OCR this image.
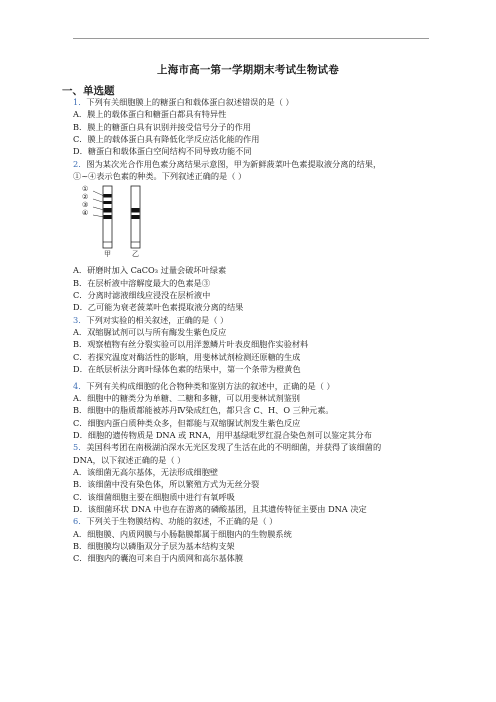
上海市高一第一学期期末考试生物试卷
一、单选题
1．下列有关细胞膜上的糖蛋白和载体蛋白叙述错误的是（ ）
A．膜上的载体蛋白和糖蛋白都具有特异性
B．膜上的糖蛋白具有识别并接受信号分子的作用
C．膜上的载体蛋白具有降低化学反应活化能的作用
D．糖蛋白和载体蛋白空间结构不同导致功能不同
2．图为某次光合作用色素分离结果示意图，甲为新鲜菠菜叶色素提取液分离的结果，
①~④表示色素的种类。下列叙述正确的是（ ）
①
②
③
④
甲	乙
A．研磨时加入 CaCO₃ 过量会破坏叶绿素
B．在层析液中溶解度最大的色素是③
C．分离时滤液细线应浸没在层析液中
D．乙可能为衰老菠菜叶色素提取液分离的结果
3．下列对实验的相关叙述，正确的是（ ）
A．双缩脲试剂可以与所有酶发生紫色反应
B．观察植物有丝分裂实验可以用洋葱鳞片叶表皮细胞作实验材料
C．若探究温度对酶活性的影响，用斐林试剂检测还原糖的生成
D．在纸层析法分离叶绿体色素的结果中，第一个条带为橙黄色
4．下列有关构成细胞的化合物种类和鉴别方法的叙述中，正确的是（ ）
A．细胞中的糖类分为单糖、二糖和多糖，可以用斐林试剂鉴别
B．细胞中的脂质都能被苏丹Ⅳ染成红色，都只含 C、H、O 三种元素。
C．细胞内蛋白质种类众多，但都能与双缩脲试剂发生紫色反应
D．细胞的遗传物质是 DNA 或 RNA，用甲基绿吡罗红混合染色剂可以鉴定其分布
5．美国科考团在南极湖泊深水无光区发现了生活在此的不明细菌，并获得了该细菌的
DNA，以下叙述正确的是（ ）
A．该细菌无高尔基体，无法形成细胞壁
B．该细菌中没有染色体，所以繁殖方式为无丝分裂
C．该细菌细胞主要在细胞质中进行有氧呼吸
D．该细菌环状 DNA 中也存在游离的磷酸基团，且其遗传特征主要由 DNA 决定
6．下列关于生物膜结构、功能的叙述，不正确的是（ ）
A．细胞膜、内质网膜与小肠黏膜都属于细胞内的生物膜系统
B．细胞膜均以磷脂双分子层为基本结构支架
C．细胞内的囊泡可来自于内质网和高尔基体膜
